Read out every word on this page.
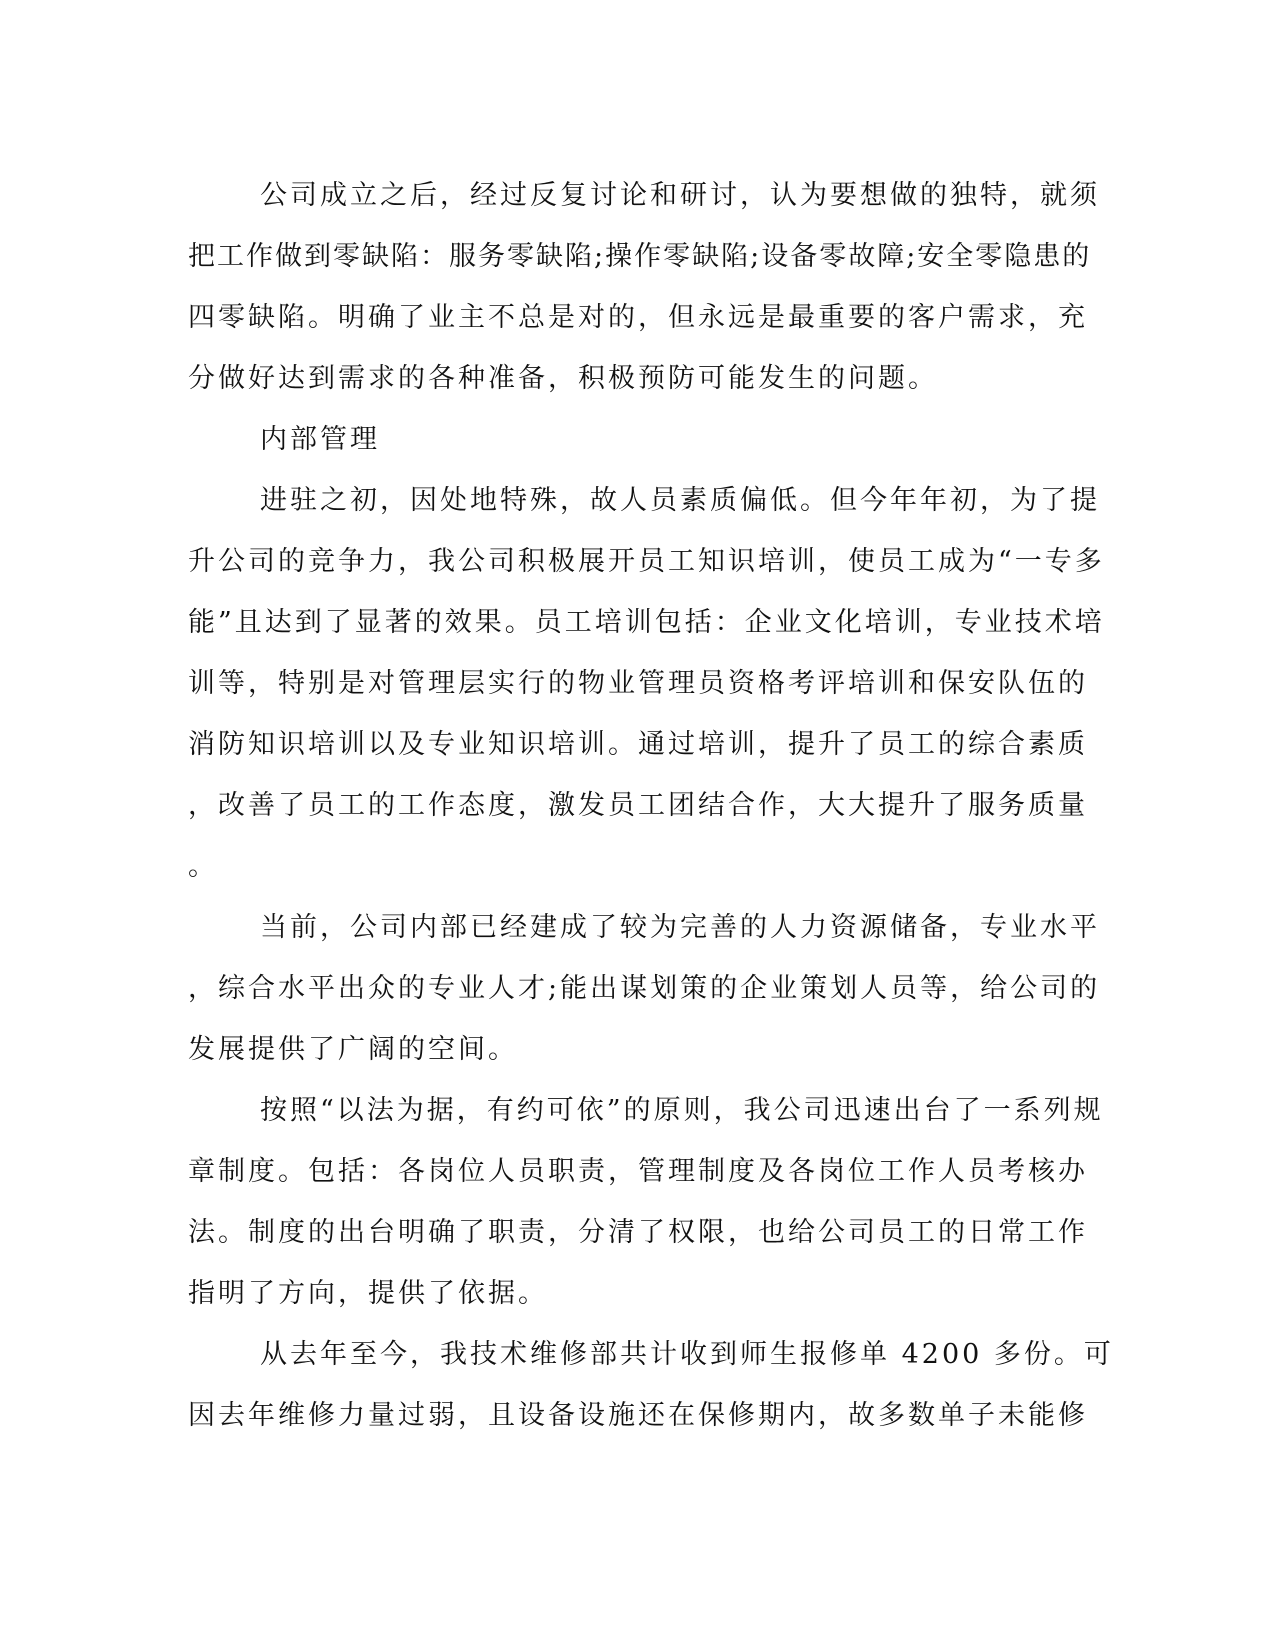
公司成立之后，经过反复讨论和研讨，认为要想做的独特，就须
把工作做到零缺陷：服务零缺陷;操作零缺陷;设备零故障;安全零隐患的
四零缺陷。明确了业主不总是对的，但永远是最重要的客户需求，充
分做好达到需求的各种准备，积极预防可能发生的问题。
内部管理
进驻之初，因处地特殊，故人员素质偏低。但今年年初，为了提
升公司的竞争力，我公司积极展开员工知识培训，使员工成为“一专多
能”且达到了显著的效果。员工培训包括：企业文化培训，专业技术培
训等，特别是对管理层实行的物业管理员资格考评培训和保安队伍的
消防知识培训以及专业知识培训。通过培训，提升了员工的综合素质
，改善了员工的工作态度，激发员工团结合作，大大提升了服务质量
。
当前，公司内部已经建成了较为完善的人力资源储备，专业水平
，综合水平出众的专业人才;能出谋划策的企业策划人员等，给公司的
发展提供了广阔的空间。
按照“以法为据，有约可依”的原则，我公司迅速出台了一系列规
章制度。包括：各岗位人员职责，管理制度及各岗位工作人员考核办
法。制度的出台明确了职责，分清了权限，也给公司员工的日常工作
指明了方向，提供了依据。
从去年至今，我技术维修部共计收到师生报修单 4200 多份。可
因去年维修力量过弱，且设备设施还在保修期内，故多数单子未能修
